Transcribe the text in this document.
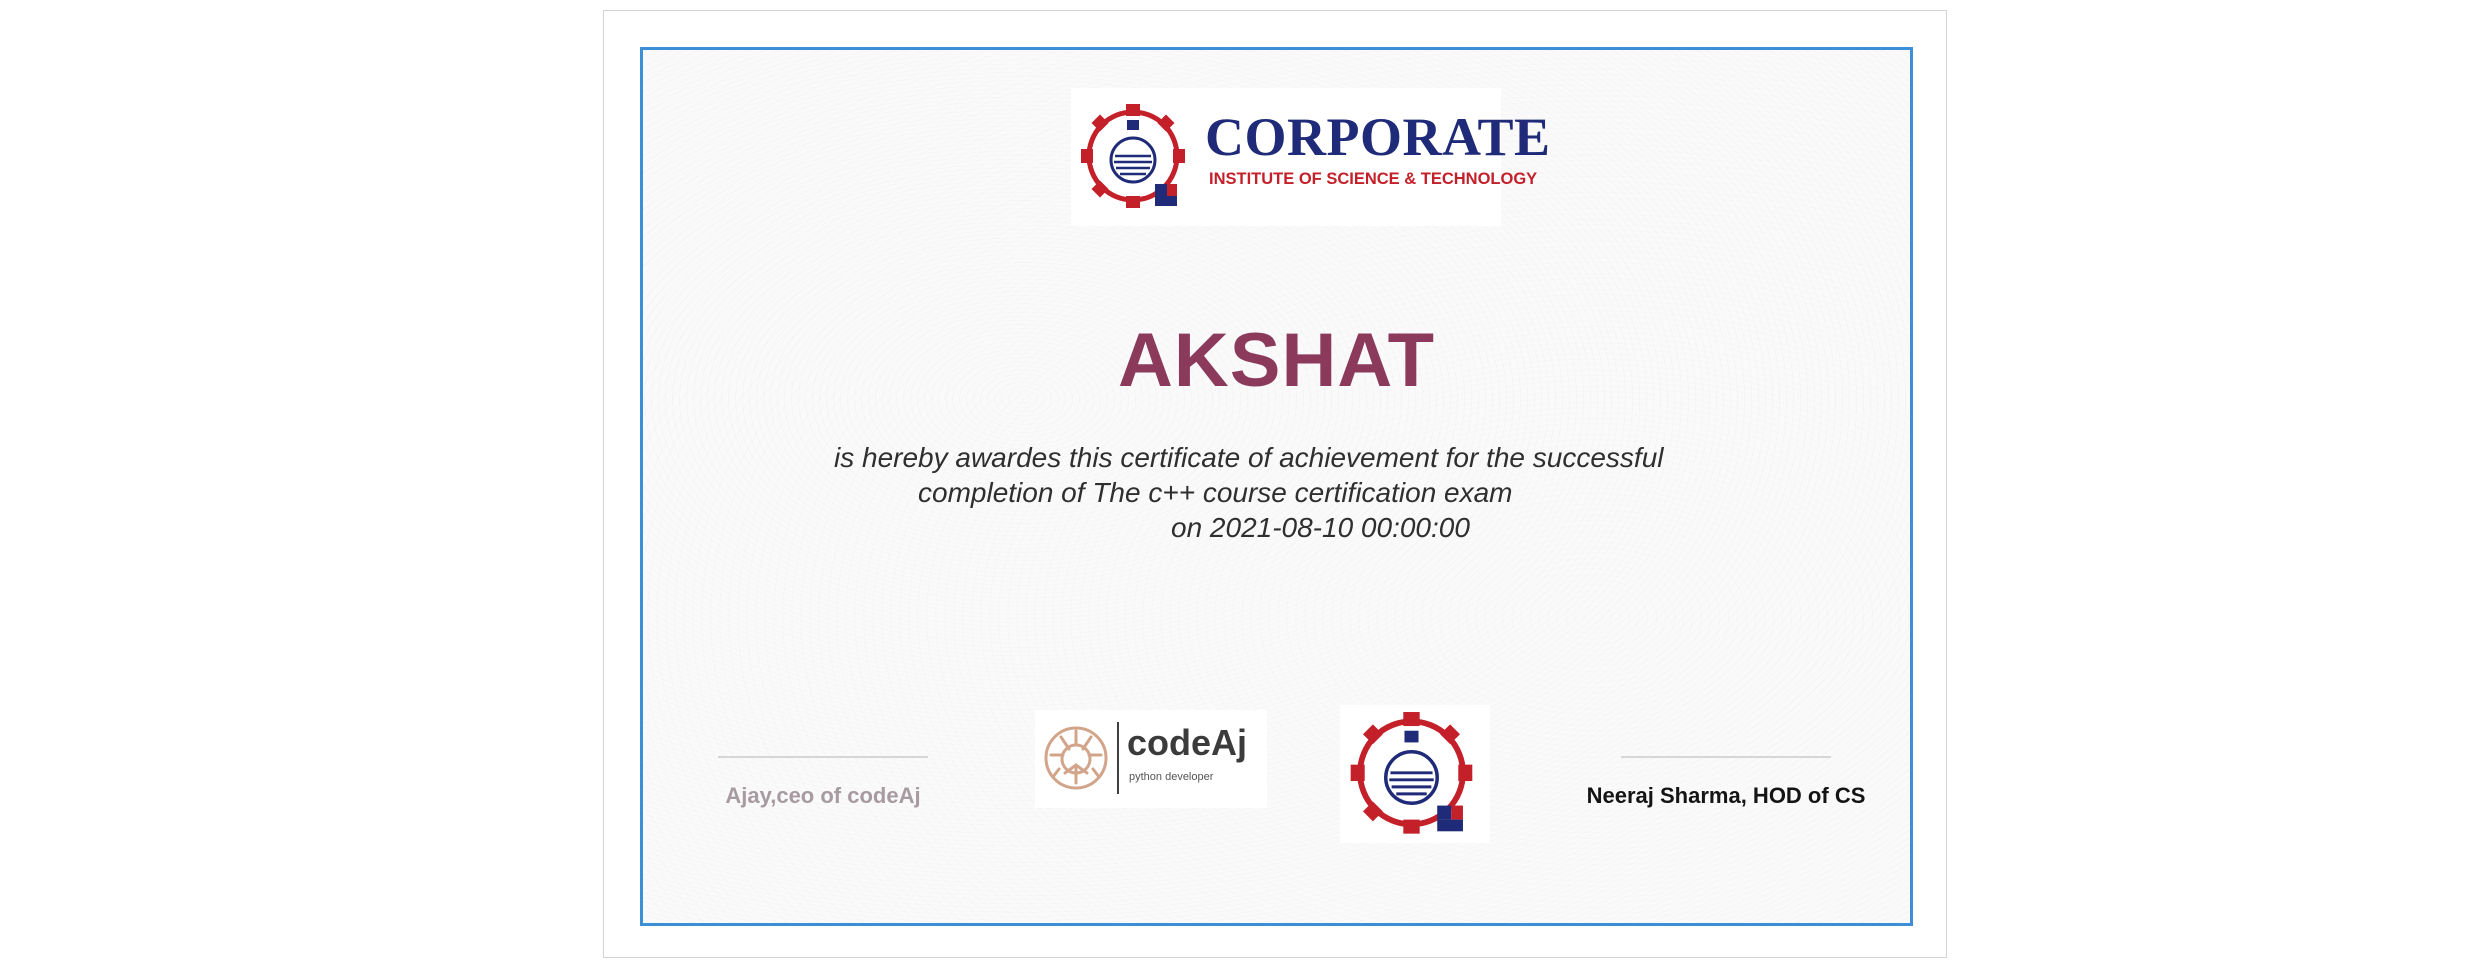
CORPORATE
INSTITUTE OF SCIENCE & TECHNOLOGY
AKSHAT
is hereby awardes this certificate of achievement for the successful
completion of The c++ course certification exam
on 2021-08-10 00:00:00
Ajay,ceo of codeAj
codeAj
python developer
Neeraj Sharma, HOD of CS
